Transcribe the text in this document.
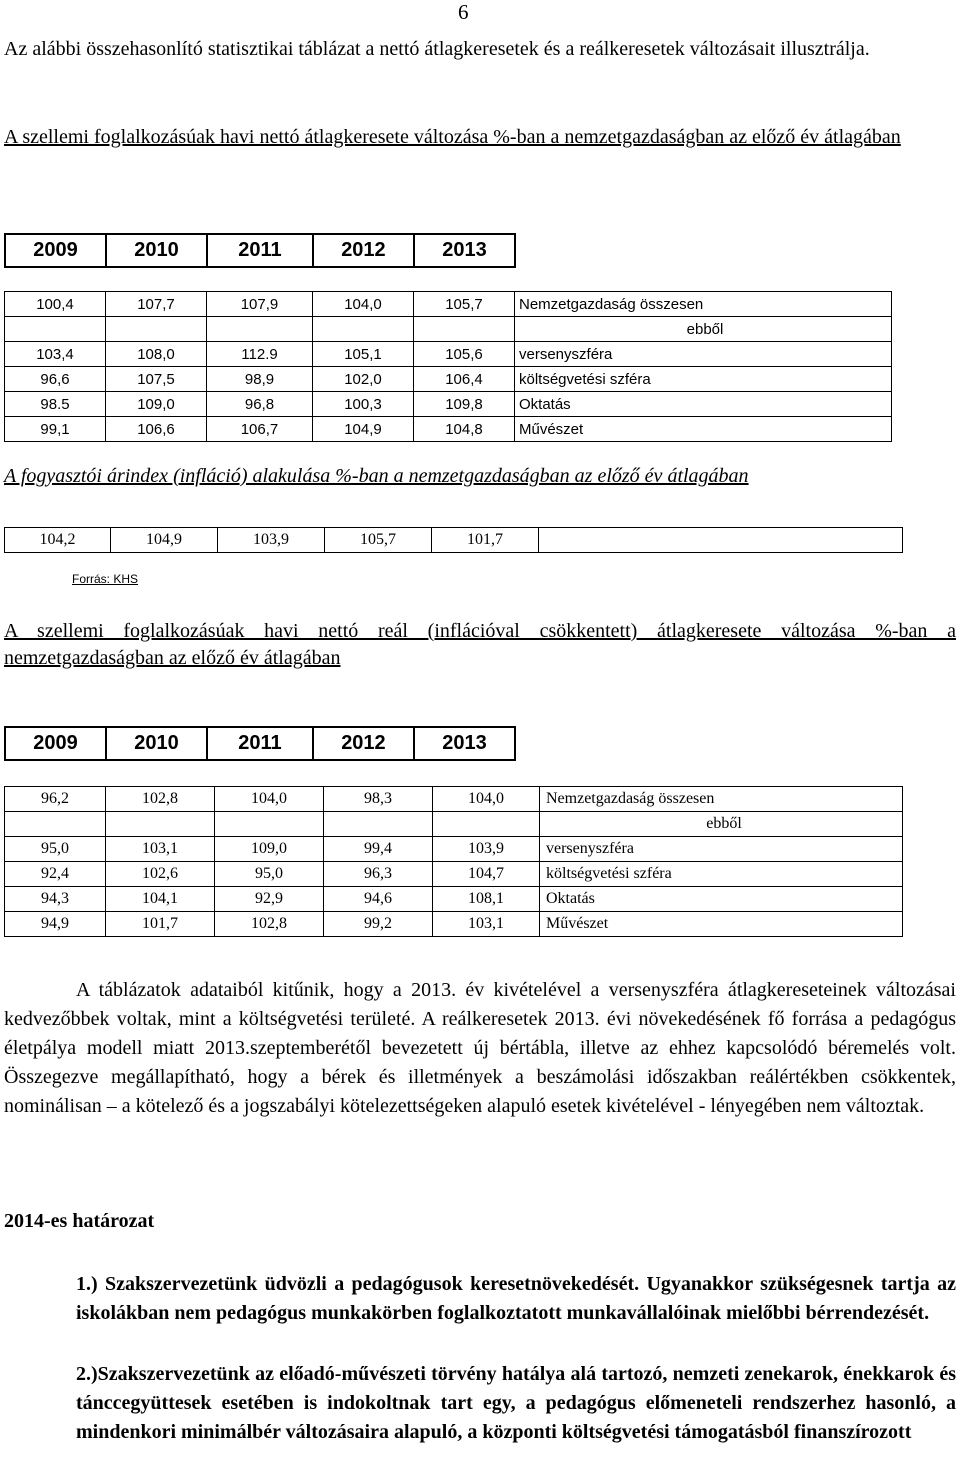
6
Az alábbi összehasonlító statisztikai táblázat a nettó átlagkeresetek és a reálkeresetek változásait illusztrálja.
A szellemi foglalkozásúak havi nettó átlagkeresete változása %-ban a nemzetgazdaságban az előző év átlagában
2009	2010	2011	2012	2013
100,4	107,7	107,9	104,0	105,7	Nemzetgazdaság összesen
					ebből
103,4	108,0	112.9	105,1	105,6	versenyszféra
96,6	107,5	98,9	102,0	106,4	költségvetési szféra
98.5	109,0	96,8	100,3	109,8	Oktatás
99,1	106,6	106,7	104,9	104,8	Művészet
A fogyasztói árindex (infláció) alakulása %-ban a nemzetgazdaságban az előző év átlagában
104,2	104,9	103,9	105,7	101,7	
Forrás: KHS
A szellemi foglalkozásúak havi nettó reál (inflációval csökkentett) átlagkeresete változása %-ban a nemzetgazdaságban az előző év átlagában
2009	2010	2011	2012	2013
96,2	102,8	104,0	98,3	104,0	Nemzetgazdaság összesen
					ebből
95,0	103,1	109,0	99,4	103,9	versenyszféra
92,4	102,6	95,0	96,3	104,7	költségvetési szféra
94,3	104,1	92,9	94,6	108,1	Oktatás
94,9	101,7	102,8	99,2	103,1	Művészet
A táblázatok adataiból kitűnik, hogy a 2013. év kivételével a versenyszféra átlagkereseteinek változásai kedvezőbbek voltak, mint a költségvetési területé. A reálkeresetek 2013. évi növekedésének fő forrása a pedagógus életpálya modell miatt 2013.szeptemberétől bevezetett új bértábla, illetve az ehhez kapcsolódó béremelés volt. Összegezve megállapítható, hogy a bérek és illetmények a beszámolási időszakban reálértékben csökkentek, nominálisan – a kötelező és a jogszabályi kötelezettségeken alapuló esetek kivételével - lényegében nem változtak.
2014-es határozat
1.) Szakszervezetünk üdvözli a pedagógusok keresetnövekedését. Ugyanakkor szükségesnek tartja az iskolákban nem pedagógus munkakörben foglalkoztatott munkavállalóinak mielőbbi bérrendezését.
2.)Szakszervezetünk az előadó-művészeti törvény hatálya alá tartozó, nemzeti zenekarok, énekkarok és tánccegyüttesek esetében is indokoltnak tart egy, a pedagógus előmeneteli rendszerhez hasonló, a mindenkori minimálbér változásaira alapuló, a központi költségvetési támogatásból finanszírozott
